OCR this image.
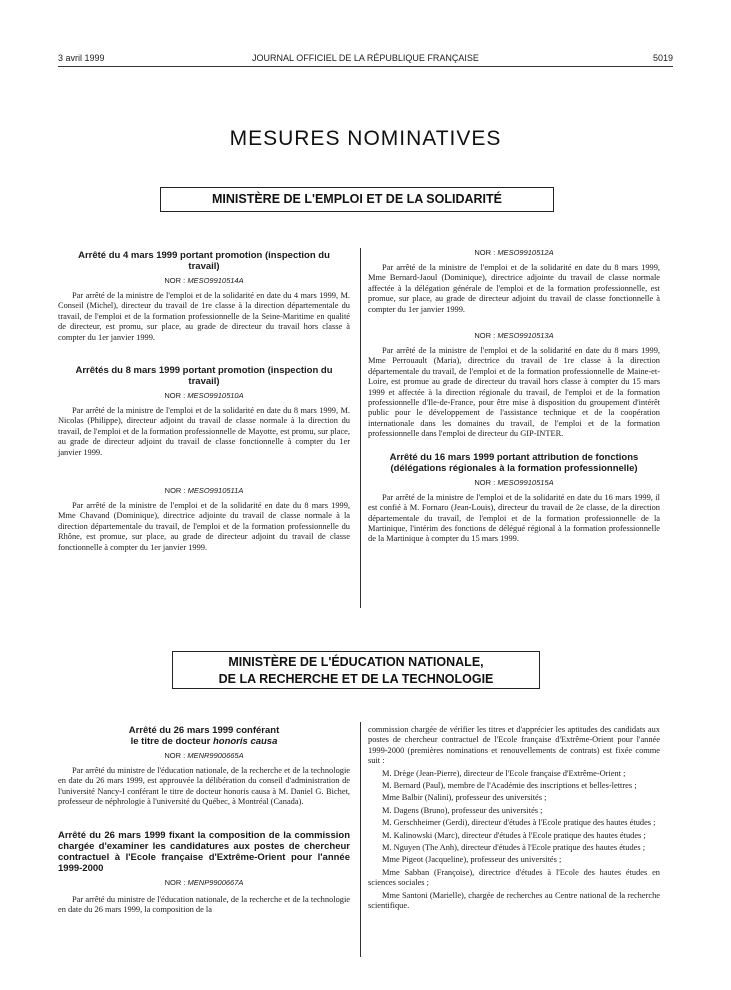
3 avril 1999	JOURNAL OFFICIEL DE LA RÉPUBLIQUE FRANÇAISE	5019
MESURES NOMINATIVES
MINISTÈRE DE L'EMPLOI ET DE LA SOLIDARITÉ
Arrêté du 4 mars 1999 portant promotion (inspection du travail)
NOR : MESO9910514A

Par arrêté de la ministre de l'emploi et de la solidarité en date du 4 mars 1999, M. Conseil (Michel), directeur du travail de 1re classe à la direction départementale du travail, de l'emploi et de la formation professionnelle de la Seine-Maritime en qualité de directeur, est promu, sur place, au grade de directeur du travail hors classe à compter du 1er janvier 1999.

Arrêtés du 8 mars 1999 portant promotion (inspection du travail)
NOR : MESO9910510A

Par arrêté de la ministre de l'emploi et de la solidarité en date du 8 mars 1999, M. Nicolas (Philippe), directeur adjoint du travail de classe normale à la direction du travail, de l'emploi et de la formation professionnelle de Mayotte, est promu, sur place, au grade de directeur adjoint du travail de classe fonctionnelle à compter du 1er janvier 1999.

NOR : MESO9910511A

Par arrêté de la ministre de l'emploi et de la solidarité en date du 8 mars 1999, Mme Chavand (Dominique), directrice adjointe du travail de classe normale à la direction départementale du travail, de l'emploi et de la formation professionnelle du Rhône, est promue, sur place, au grade de directeur adjoint du travail de classe fonctionnelle à compter du 1er janvier 1999.

NOR : MESO9910512A

Par arrêté de la ministre de l'emploi et de la solidarité en date du 8 mars 1999, Mme Bernard-Jaoul (Dominique), directrice adjointe du travail de classe normale affectée à la délégation générale de l'emploi et de la formation professionnelle, est promue, sur place, au grade de directeur adjoint du travail de classe fonctionnelle à compter du 1er janvier 1999.

NOR : MESO9910513A

Par arrêté de la ministre de l'emploi et de la solidarité en date du 8 mars 1999, Mme Perrouault (Maria), directrice du travail de 1re classe à la direction départementale du travail, de l'emploi et de la formation professionnelle de Maine-et-Loire, est promue au grade de directeur du travail hors classe à compter du 15 mars 1999 et affectée à la direction régionale du travail, de l'emploi et de la formation professionnelle d'Ile-de-France, pour être mise à disposition du groupement d'intérêt public pour le développement de l'assistance technique et de la coopération internationale dans les domaines du travail, de l'emploi et de la formation professionnelle dans l'emploi de directeur du GIP-INTER.

Arrêté du 16 mars 1999 portant attribution de fonctions (délégations régionales à la formation professionnelle)
NOR : MESO9910515A

Par arrêté de la ministre de l'emploi et de la solidarité en date du 16 mars 1999, il est confié à M. Fornaro (Jean-Louis), directeur du travail de 2e classe, de la direction départementale du travail, de l'emploi et de la formation professionnelle de la Martinique, l'intérim des fonctions de délégué régional à la formation professionnelle de la Martinique à compter du 15 mars 1999.

MINISTÈRE DE L'ÉDUCATION NATIONALE,
DE LA RECHERCHE ET DE LA TECHNOLOGIE
Arrêté du 26 mars 1999 conférant
le titre de docteur honoris causa
NOR : MENR9900665A

Par arrêté du ministre de l'éducation nationale, de la recherche et de la technologie en date du 26 mars 1999, est approuvée la délibération du conseil d'administration de l'université Nancy-I conférant le titre de docteur honoris causa à M. Daniel G. Bichet, professeur de néphrologie à l'université du Québec, à Montréal (Canada).

Arrêté du 26 mars 1999 fixant la composition de la commission chargée d'examiner les candidatures aux postes de chercheur contractuel à l'Ecole française d'Extrême-Orient pour l'année 1999-2000
NOR : MENP9900667A

Par arrêté du ministre de l'éducation nationale, de la recherche et de la technologie en date du 26 mars 1999, la composition de la

commission chargée de vérifier les titres et d'apprécier les aptitudes des candidats aux postes de chercheur contractuel de l'Ecole française d'Extrême-Orient pour l'année 1999-2000 (premières nominations et renouvellements de contrats) est fixée comme suit :

M. Drège (Jean-Pierre), directeur de l'Ecole française d'Extrême-Orient ;

M. Bernard (Paul), membre de l'Académie des inscriptions et belles-lettres ;

Mme Balbir (Nalini), professeur des universités ;

M. Dagens (Bruno), professeur des universités ;

M. Gerschheimer (Gerdi), directeur d'études à l'Ecole pratique des hautes études ;

M. Kalinowski (Marc), directeur d'études à l'Ecole pratique des hautes études ;

M. Nguyen (The Anh), directeur d'études à l'Ecole pratique des hautes études ;

Mme Pigeot (Jacqueline), professeur des universités ;

Mme Sabban (Françoise), directrice d'études à l'Ecole des hautes études en sciences sociales ;

Mme Santoni (Marielle), chargée de recherches au Centre national de la recherche scientifique.
